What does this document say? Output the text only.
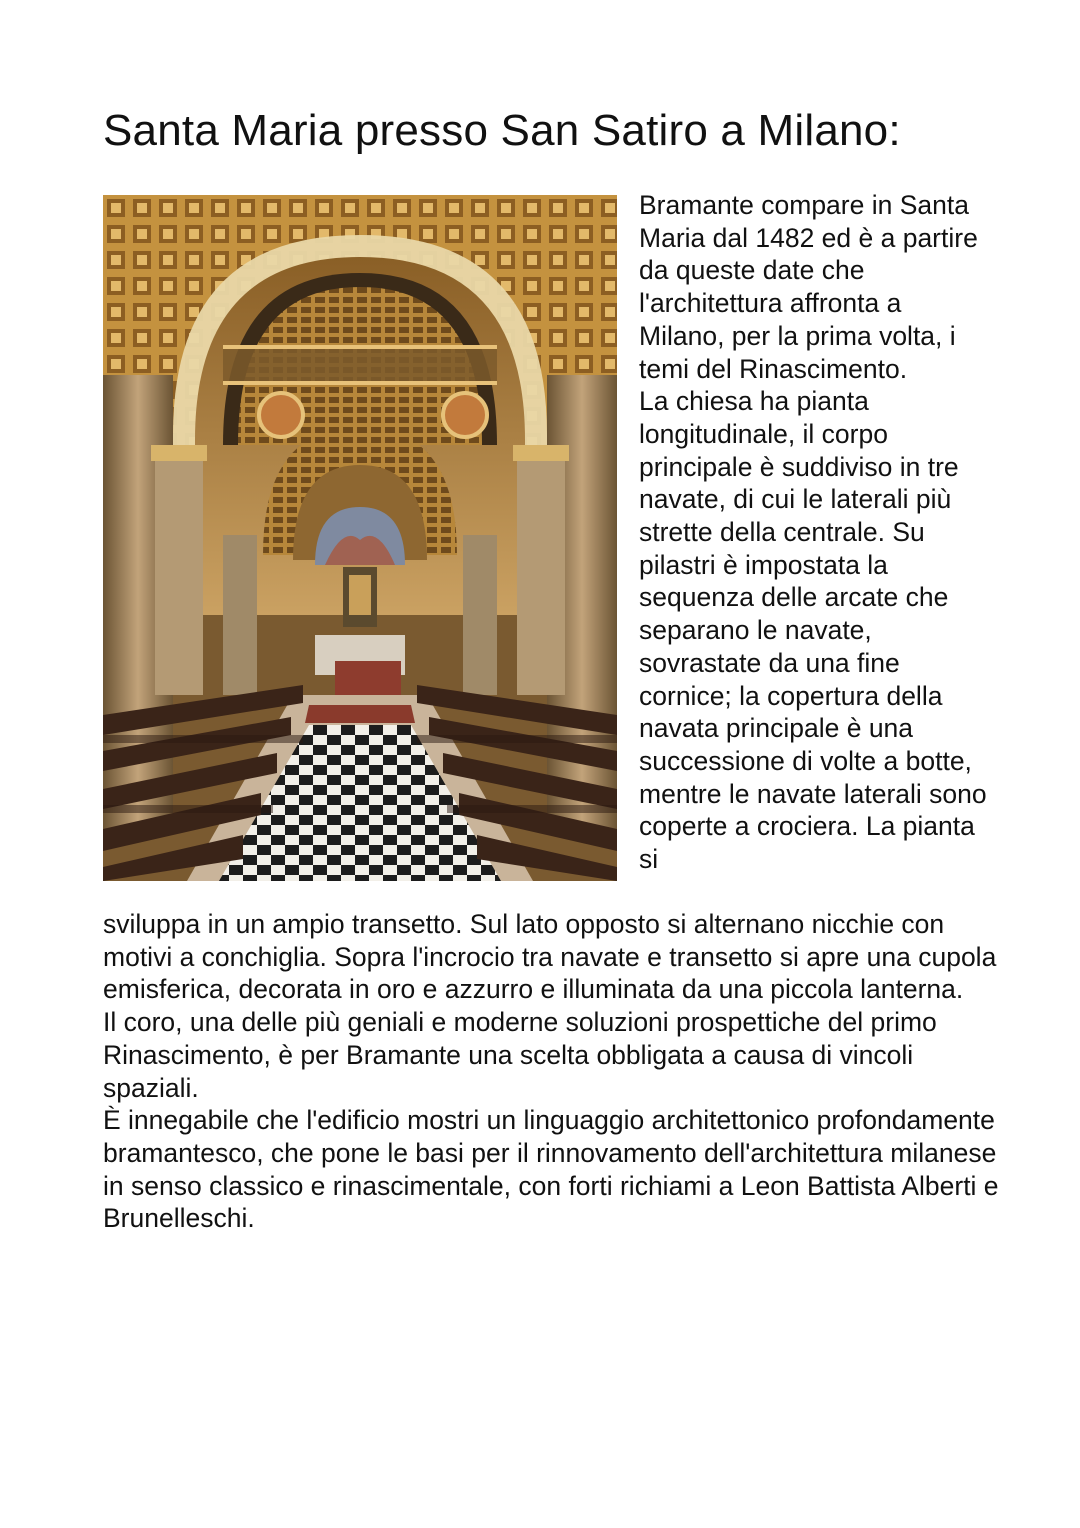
Santa Maria presso San Satiro a Milano:

Bramante compare in Santa Maria dal 1482 ed è a partire da queste date che l'architettura affronta a Milano, per la prima volta, i temi del Rinascimento.

La chiesa ha pianta longitudinale, il corpo principale è suddiviso in tre navate, di cui le laterali più strette della centrale. Su pilastri è impostata la sequenza delle arcate che separano le navate, sovrastate da una fine cornice; la copertura della navata principale è una successione di volte a botte, mentre le navate laterali sono coperte a crociera. La pianta si

sviluppa in un ampio transetto. Sul lato opposto si alternano nicchie con motivi a conchiglia. Sopra l'incrocio tra navate e transetto si apre una cupola emisferica, decorata in oro e azzurro e illuminata da una piccola lanterna.

Il coro, una delle più geniali e moderne soluzioni prospettiche del primo Rinascimento, è per Bramante una scelta obbligata a causa di vincoli spaziali.

È innegabile che l'edificio mostri un linguaggio architettonico profondamente bramantesco, che pone le basi per il rinnovamento dell'architettura milanese in senso classico e rinascimentale, con forti richiami a Leon Battista Alberti e Brunelleschi.
